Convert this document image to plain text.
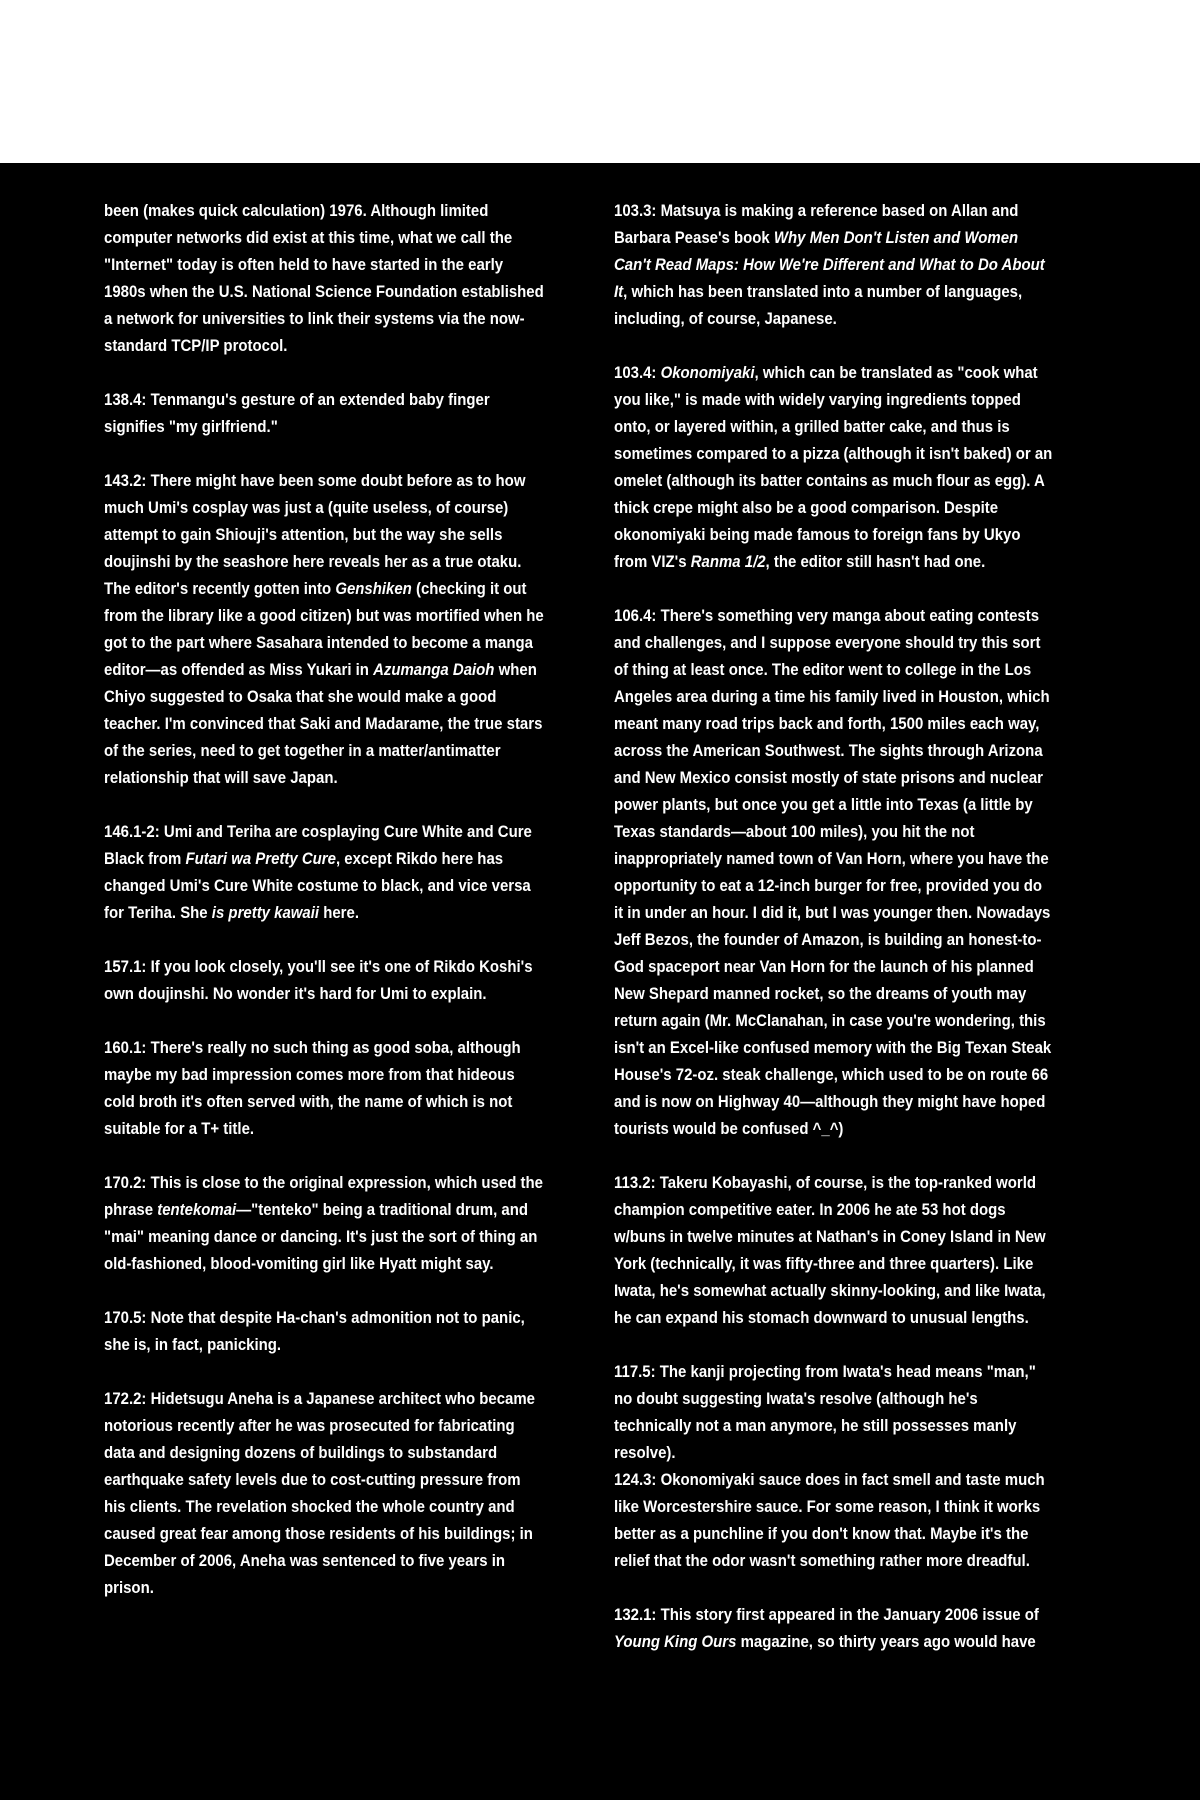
been (makes quick calculation) 1976. Although limited computer networks did exist at this time, what we call the "Internet" today is often held to have started in the early 1980s when the U.S. National Science Foundation established a network for universities to link their systems via the now-standard TCP/IP protocol.

138.4: Tenmangu's gesture of an extended baby finger signifies "my girlfriend."

143.2: There might have been some doubt before as to how much Umi's cosplay was just a (quite useless, of course) attempt to gain Shiouji's attention, but the way she sells doujinshi by the seashore here reveals her as a true otaku. The editor's recently gotten into Genshiken (checking it out from the library like a good citizen) but was mortified when he got to the part where Sasahara intended to become a manga editor—as offended as Miss Yukari in Azumanga Daioh when Chiyo suggested to Osaka that she would make a good teacher. I'm convinced that Saki and Madarame, the true stars of the series, need to get together in a matter/antimatter relationship that will save Japan.

146.1-2: Umi and Teriha are cosplaying Cure White and Cure Black from Futari wa Pretty Cure, except Rikdo here has changed Umi's Cure White costume to black, and vice versa for Teriha. She is pretty kawaii here.

157.1: If you look closely, you'll see it's one of Rikdo Koshi's own doujinshi. No wonder it's hard for Umi to explain.

160.1: There's really no such thing as good soba, although maybe my bad impression comes more from that hideous cold broth it's often served with, the name of which is not suitable for a T+ title.

170.2: This is close to the original expression, which used the phrase tentekomai—"tenteko" being a traditional drum, and "mai" meaning dance or dancing. It's just the sort of thing an old-fashioned, blood-vomiting girl like Hyatt might say.

170.5: Note that despite Ha-chan's admonition not to panic, she is, in fact, panicking.

172.2: Hidetsugu Aneha is a Japanese architect who became notorious recently after he was prosecuted for fabricating data and designing dozens of buildings to substandard earthquake safety levels due to cost-cutting pressure from his clients. The revelation shocked the whole country and caused great fear among those residents of his buildings; in December of 2006, Aneha was sentenced to five years in prison.

103.3: Matsuya is making a reference based on Allan and Barbara Pease's book Why Men Don't Listen and Women Can't Read Maps: How We're Different and What to Do About It, which has been translated into a number of languages, including, of course, Japanese.

103.4: Okonomiyaki, which can be translated as "cook what you like," is made with widely varying ingredients topped onto, or layered within, a grilled batter cake, and thus is sometimes compared to a pizza (although it isn't baked) or an omelet (although its batter contains as much flour as egg). A thick crepe might also be a good comparison. Despite okonomiyaki being made famous to foreign fans by Ukyo from VIZ's Ranma 1/2, the editor still hasn't had one.

106.4: There's something very manga about eating contests and challenges, and I suppose everyone should try this sort of thing at least once. The editor went to college in the Los Angeles area during a time his family lived in Houston, which meant many road trips back and forth, 1500 miles each way, across the American Southwest. The sights through Arizona and New Mexico consist mostly of state prisons and nuclear power plants, but once you get a little into Texas (a little by Texas standards—about 100 miles), you hit the not inappropriately named town of Van Horn, where you have the opportunity to eat a 12-inch burger for free, provided you do it in under an hour. I did it, but I was younger then. Nowadays Jeff Bezos, the founder of Amazon, is building an honest-to-God spaceport near Van Horn for the launch of his planned New Shepard manned rocket, so the dreams of youth may return again (Mr. McClanahan, in case you're wondering, this isn't an Excel-like confused memory with the Big Texan Steak House's 72-oz. steak challenge, which used to be on route 66 and is now on Highway 40—although they might have hoped tourists would be confused ^_^)

113.2: Takeru Kobayashi, of course, is the top-ranked world champion competitive eater. In 2006 he ate 53 hot dogs w/buns in twelve minutes at Nathan's in Coney Island in New York (technically, it was fifty-three and three quarters). Like Iwata, he's somewhat actually skinny-looking, and like Iwata, he can expand his stomach downward to unusual lengths.

117.5: The kanji projecting from Iwata's head means "man," no doubt suggesting Iwata's resolve (although he's technically not a man anymore, he still possesses manly resolve).

124.3: Okonomiyaki sauce does in fact smell and taste much like Worcestershire sauce. For some reason, I think it works better as a punchline if you don't know that. Maybe it's the relief that the odor wasn't something rather more dreadful.

132.1: This story first appeared in the January 2006 issue of Young King Ours magazine, so thirty years ago would have
